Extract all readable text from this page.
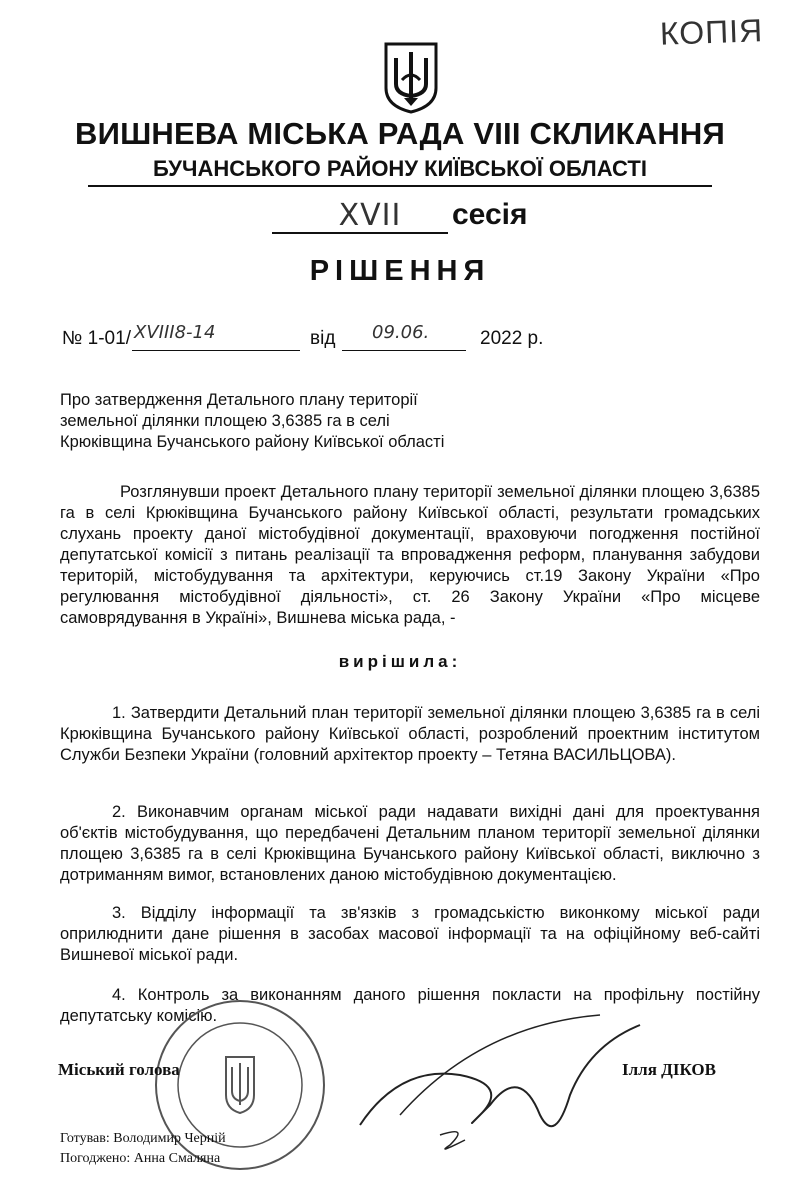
КОПІЯ
ВИШНЕВА МІСЬКА РАДА VIII СКЛИКАННЯ
БУЧАНСЬКОГО РАЙОНУ КИЇВСЬКОЇ ОБЛАСТІ
XVII	сесія
РІШЕННЯ
№ 1-01/ XVIII8-14	від 09.06.	2022 р.
Про затвердження Детального плану території
земельної ділянки площею 3,6385 га в селі
Крюківщина Бучанського району Київської області
Розглянувши проект Детального плану території земельної ділянки площею 3,6385 га в селі Крюківщина Бучанського району Київської області, результати громадських слухань проекту даної містобудівної документації, враховуючи погодження постійної депутатської комісії з питань реалізації та впровадження реформ, планування забудови територій, містобудування та архітектури, керуючись ст.19 Закону України «Про регулювання містобудівної діяльності», ст. 26 Закону України «Про місцеве самоврядування в Україні», Вишнева міська рада, -
вирішила:
1. Затвердити Детальний план території земельної ділянки площею 3,6385 га в селі Крюківщина Бучанського району Київської області, розроблений проектним інститутом Служби Безпеки України (головний архітектор проекту – Тетяна ВАСИЛЬЦОВА).
2. Виконавчим органам міської ради надавати вихідні дані для проектування об'єктів містобудування, що передбачені Детальним планом території земельної ділянки площею 3,6385 га в селі Крюківщина Бучанського району Київської області, виключно з дотриманням вимог, встановлених даною містобудівною документацією.
3. Відділу інформації та зв'язків з громадськістю виконкому міської ради оприлюднити дане рішення в засобах масової інформації та на офіційному веб-сайті Вишневої міської ради.
4. Контроль за виконанням даного рішення покласти на профільну постійну депутатську комісію.
Міський голова	Ілля ДІКОВ
Готував: Володимир Черній
Погоджено: Анна Смаляна
